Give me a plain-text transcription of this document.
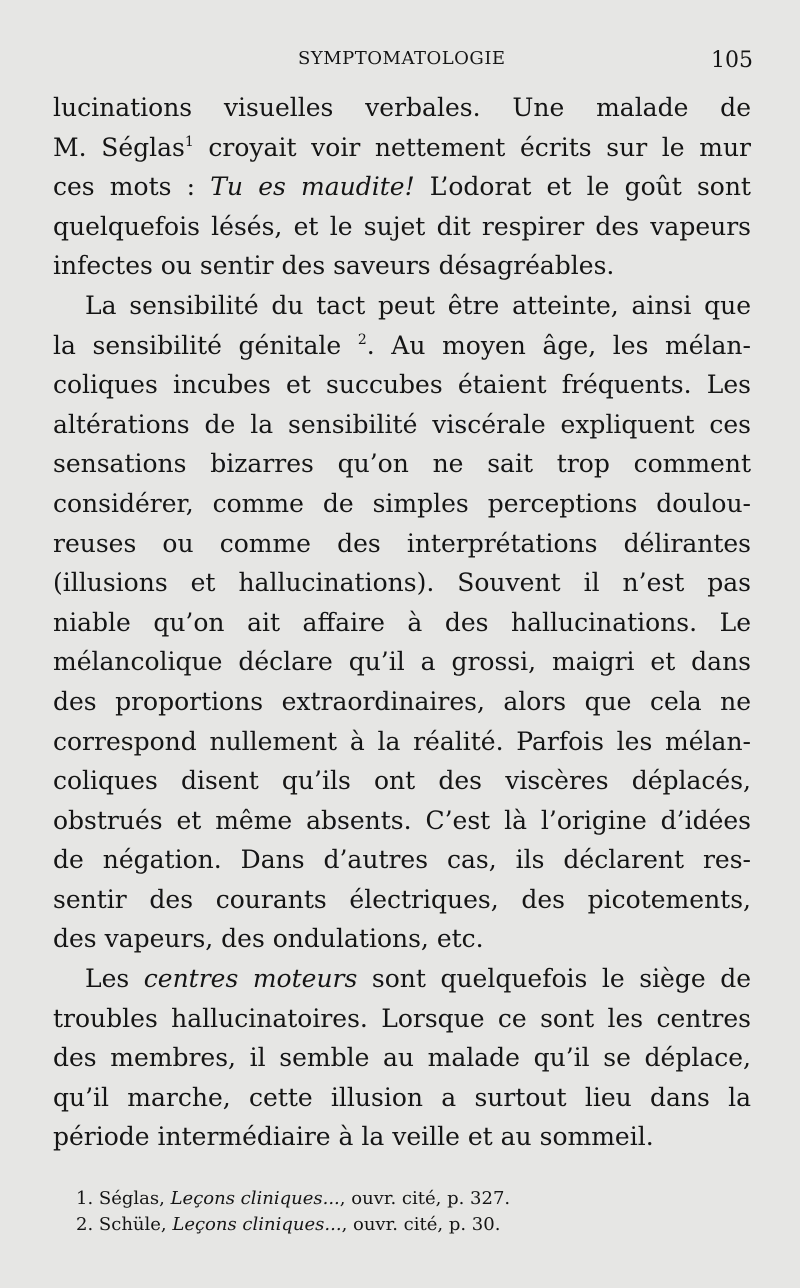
SYMPTOMATOLOGIE	105
lucinations visuelles verbales. Une malade de
M. Séglas$^1$ croyait voir nettement écrits sur le mur
ces mots : Tu es maudite! L’odorat et le goût sont
quelquefois lésés, et le sujet dit respirer des vapeurs
infectes ou sentir des saveurs désagréables.
La sensibilité du tact peut être atteinte, ainsi que
la sensibilité génitale $^2$. Au moyen âge, les mélan-
coliques incubes et succubes étaient fréquents. Les
altérations de la sensibilité viscérale expliquent ces
sensations bizarres qu’on ne sait trop comment
considérer, comme de simples perceptions doulou-
reuses ou comme des interprétations délirantes
(illusions et hallucinations). Souvent il n’est pas
niable qu’on ait affaire à des hallucinations. Le
mélancolique déclare qu’il a grossi, maigri et dans
des proportions extraordinaires, alors que cela ne
correspond nullement à la réalité. Parfois les mélan-
coliques disent qu’ils ont des viscères déplacés,
obstrués et même absents. C’est là l’origine d’idées
de négation. Dans d’autres cas, ils déclarent res-
sentir des courants électriques, des picotements,
des vapeurs, des ondulations, etc.
Les centres moteurs sont quelquefois le siège de
troubles hallucinatoires. Lorsque ce sont les centres
des membres, il semble au malade qu’il se déplace,
qu’il marche, cette illusion a surtout lieu dans la
période intermédiaire à la veille et au sommeil.
1. Séglas, Leçons cliniques..., ouvr. cité, p. 327.
2. Schüle, Leçons cliniques..., ouvr. cité, p. 30.
